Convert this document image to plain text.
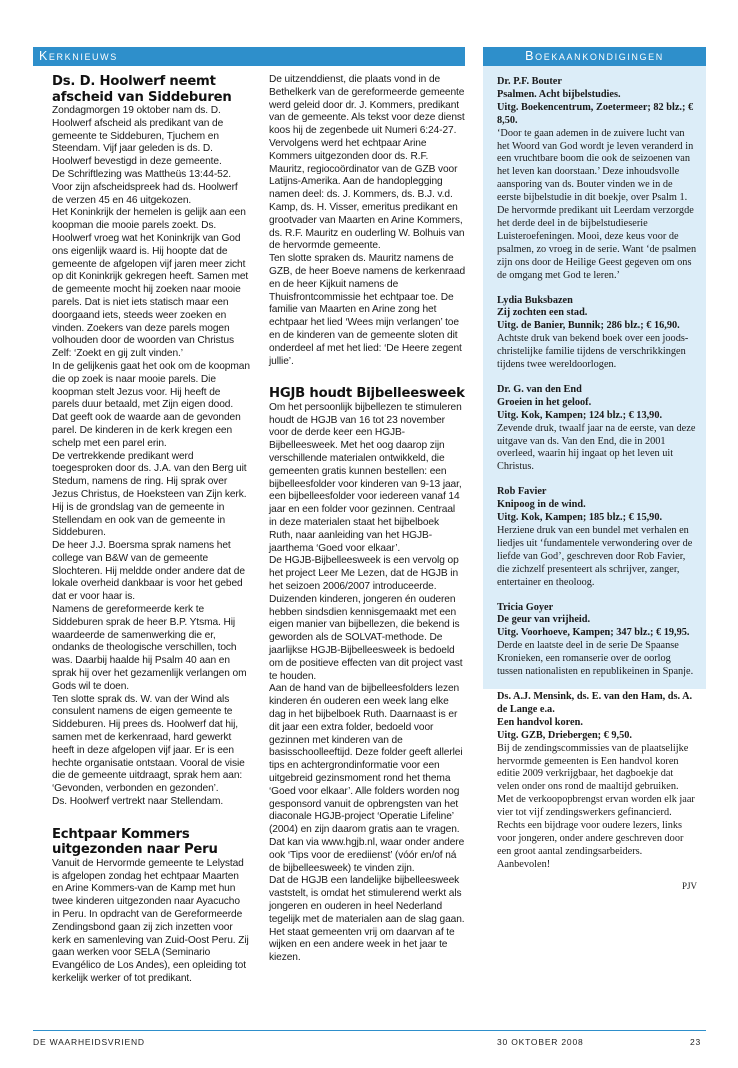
Kerknieuws	Boekaankondigingen
Ds. D. Hoolwerf neemt afscheid van Siddeburen

Zondagmorgen 19 oktober nam ds. D. Hoolwerf afscheid als predikant van de gemeente te Siddeburen, Tjuchem en Steendam. Vijf jaar geleden is ds. D. Hoolwerf bevestigd in deze gemeente.

De Schriftlezing was Mattheüs 13:44-52. Voor zijn afscheidspreek had ds. Hoolwerf de verzen 45 en 46 uitgekozen.

Het Koninkrijk der hemelen is gelijk aan een koopman die mooie parels zoekt. Ds. Hoolwerf vroeg wat het Koninkrijk van God ons eigenlijk waard is. Hij hoopte dat de gemeente de afgelopen vijf jaren meer zicht op dit Koninkrijk gekregen heeft. Samen met de gemeente mocht hij zoeken naar mooie parels. Dat is niet iets statisch maar een doorgaand iets, steeds weer zoeken en vinden. Zoekers van deze parels mogen volhouden door de woorden van Christus Zelf: ‘Zoekt en gij zult vinden.’

In de gelijkenis gaat het ook om de koopman die op zoek is naar mooie parels. Die koopman stelt Jezus voor. Hij heeft de parels duur betaald, met Zijn eigen dood. Dat geeft ook de waarde aan de gevonden parel. De kinderen in de kerk kregen een schelp met een parel erin.

De vertrekkende predikant werd toegesproken door ds. J.A. van den Berg uit Stedum, namens de ring. Hij sprak over Jezus Christus, de Hoeksteen van Zijn kerk. Hij is de grondslag van de gemeente in Stellendam en ook van de gemeente in Siddeburen.

De heer J.J. Boersma sprak namens het college van B&W van de gemeente Slochteren. Hij meldde onder andere dat de lokale overheid dankbaar is voor het gebed dat er voor haar is.

Namens de gereformeerde kerk te Siddeburen sprak de heer B.P. Ytsma. Hij waardeerde de samenwerking die er, ondanks de theologische verschillen, toch was. Daarbij haalde hij Psalm 40 aan en sprak hij over het gezamenlijk verlangen om Gods wil te doen.

Ten slotte sprak ds. W. van der Wind als consulent namens de eigen gemeente te Siddeburen. Hij prees ds. Hoolwerf dat hij, samen met de kerkenraad, hard gewerkt heeft in deze afgelopen vijf jaar. Er is een hechte organisatie ontstaan. Vooral de visie die de gemeente uitdraagt, sprak hem aan: ‘Gevonden, verbonden en gezonden’.

Ds. Hoolwerf vertrekt naar Stellendam.

Echtpaar Kommers uitgezonden naar Peru

Vanuit de Hervormde gemeente te Lelystad is afgelopen zondag het echtpaar Maarten en Arine Kommers-van de Kamp met hun twee kinderen uitgezonden naar Ayacucho in Peru. In opdracht van de Gereformeerde Zendingsbond gaan zij zich inzetten voor kerk en samenleving van Zuid-Oost Peru. Zij gaan werken voor SELA (Seminario Evangélico de Los Andes), een opleiding tot kerkelijk werker of tot predikant.

De uitzenddienst, die plaats vond in de Bethelkerk van de gereformeerde gemeente werd geleid door dr. J. Kommers, predikant van de gemeente. Als tekst voor deze dienst koos hij de zegenbede uit Numeri 6:24-27.

Vervolgens werd het echtpaar Arine Kommers uitgezonden door ds. R.F. Mauritz, regiocoördinator van de GZB voor Latijns-Amerika. Aan de handoplegging namen deel: ds. J. Kommers, ds. B.J. v.d. Kamp, ds. H. Visser, emeritus predikant en grootvader van Maarten en Arine Kommers, ds. R.F. Mauritz en ouderling W. Bolhuis van de hervormde gemeente.

Ten slotte spraken ds. Mauritz namens de GZB, de heer Boeve namens de kerkenraad en de heer Kijkuit namens de Thuisfrontcommissie het echtpaar toe. De familie van Maarten en Arine zong het echtpaar het lied ‘Wees mijn verlangen’ toe en de kinderen van de gemeente sloten dit onderdeel af met het lied: ‘De Heere zegent jullie’.

HGJB houdt Bijbelleesweek

Om het persoonlijk bijbellezen te stimuleren houdt de HGJB van 16 tot 23 november voor de derde keer een HGJB-Bijbelleesweek. Met het oog daarop zijn verschillende materialen ontwikkeld, die gemeenten gratis kunnen bestellen: een bijbelleesfolder voor kinderen van 9-13 jaar, een bijbelleesfolder voor iedereen vanaf 14 jaar en een folder voor gezinnen. Centraal in deze materialen staat het bijbelboek Ruth, naar aanleiding van het HGJB-jaarthema ‘Goed voor elkaar’.

De HGJB-Bijbelleesweek is een vervolg op het project Leer Me Lezen, dat de HGJB in het seizoen 2006/2007 introduceerde. Duizenden kinderen, jongeren én ouderen hebben sindsdien kennisgemaakt met een eigen manier van bijbellezen, die bekend is geworden als de SOLVAT-methode. De jaarlijkse HGJB-Bijbelleesweek is bedoeld om de positieve effecten van dit project vast te houden.

Aan de hand van de bijbelleesfolders lezen kinderen én ouderen een week lang elke dag in het bijbelboek Ruth. Daarnaast is er dit jaar een extra folder, bedoeld voor gezinnen met kinderen van de basisschoolleeftijd. Deze folder geeft allerlei tips en achtergrondinformatie voor een uitgebreid gezinsmoment rond het thema ‘Goed voor elkaar’. Alle folders worden nog gesponsord vanuit de opbrengsten van het diaconale HGJB-project ‘Operatie Lifeline’ (2004) en zijn daarom gratis aan te vragen. Dat kan via www.hgjb.nl, waar onder andere ook ‘Tips voor de erediienst’ (vóór en/of ná de bijbelleesweek) te vinden zijn.

Dat de HGJB een landelijke bijbelleesweek vaststelt, is omdat het stimulerend werkt als jongeren en ouderen in heel Nederland tegelijk met de materialen aan de slag gaan. Het staat gemeenten vrij om daarvan af te wijken en een andere week in het jaar te kiezen.

Dr. P.F. Bouter
Psalmen. Acht bijbelstudies.
Uitg. Boekencentrum, Zoetermeer; 82 blz.; € 8,50.
‘Door te gaan ademen in de zuivere lucht van het Woord van God wordt je leven veranderd in een vruchtbare boom die ook de seizoenen van het leven kan doorstaan.’ Deze inhoudsvolle aansporing van ds. Bouter vinden we in de eerste bijbelstudie in dit boekje, over Psalm 1. De hervormde predikant uit Leerdam verzorgde het derde deel in de bijbelstudieserie Luisteroefeningen. Mooi, deze keus voor de psalmen, zo vroeg in de serie. Want ‘de psalmen zijn ons door de Heilige Geest gegeven om ons de omgang met God te leren.’
Lydia Buksbazen
Zij zochten een stad.
Uitg. de Banier, Bunnik; 286 blz.; € 16,90.
Achtste druk van bekend boek over een joods-christelijke familie tijdens de verschrikkingen tijdens twee wereldoorlogen.
Dr. G. van den End
Groeien in het geloof.
Uitg. Kok, Kampen; 124 blz.; € 13,90.
Zevende druk, twaalf jaar na de eerste, van deze uitgave van ds. Van den End, die in 2001 overleed, waarin hij ingaat op het leven uit Christus.
Rob Favier
Knipoog in de wind.
Uitg. Kok, Kampen; 185 blz.; € 15,90.
Herziene druk van een bundel met verhalen en liedjes uit ‘fundamentele verwondering over de liefde van God’, geschreven door Rob Favier, die zichzelf presenteert als schrijver, zanger, entertainer en theoloog.
Tricia Goyer
De geur van vrijheid.
Uitg. Voorhoeve, Kampen; 347 blz.; € 19,95.
Derde en laatste deel in de serie De Spaanse Kronieken, een romanserie over de oorlog tussen nationalisten en republikeinen in Spanje.
Ds. A.J. Mensink, ds. E. van den Ham, ds. A. de Lange e.a.
Een handvol koren.
Uitg. GZB, Driebergen; € 9,50.
Bij de zendingscommissies van de plaatselijke hervormde gemeenten is Een handvol koren editie 2009 verkrijgbaar, het dagboekje dat velen onder ons rond de maaltijd gebruiken. Met de verkoopopbrengst ervan worden elk jaar vier tot vijf zendingswerkers gefinancierd. Rechts een bijdrage voor oudere lezers, links voor jongeren, onder andere geschreven door een groot aantal zendingsarbeiders. Aanbevolen!
PJV
DE WAARHEIDSVRIEND	30 OKTOBER 2008	23
